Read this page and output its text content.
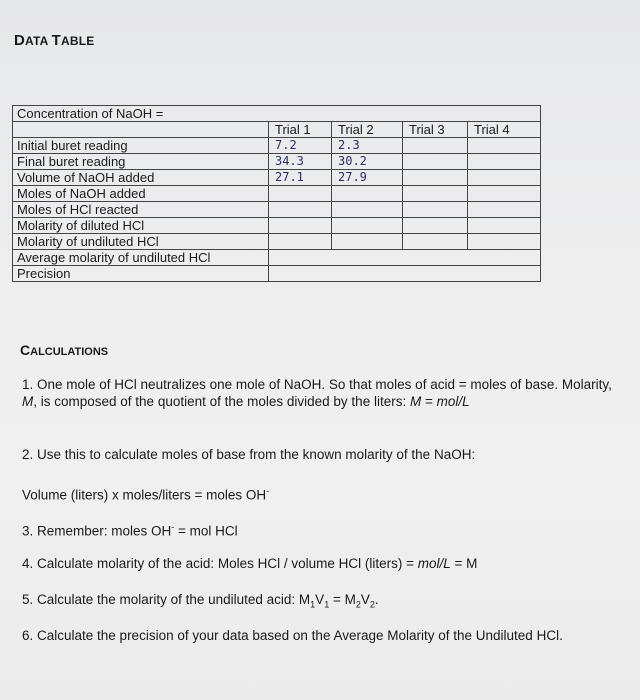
DATA TABLE
Concentration of NaOH =				
	Trial 1	Trial 2	Trial 3	Trial 4
Initial buret reading	7.2	2.3		
Final buret reading	34.3	30.2		
Volume of NaOH added	27.1	27.9		
Moles of NaOH added				
Moles of HCl reacted				
Molarity of diluted HCl				
Molarity of undiluted HCl				
Average molarity of undiluted HCl				
Precision				
CALCULATIONS
1. One mole of HCl neutralizes one mole of NaOH. So that moles of acid = moles of base. Molarity, M, is composed of the quotient of the moles divided by the liters: M = mol/L
2. Use this to calculate moles of base from the known molarity of the NaOH:
Volume (liters) x moles/liters = moles OH-
3. Remember: moles OH- = mol HCl
4. Calculate molarity of the acid: Moles HCl / volume HCl (liters) = mol/L = M
5. Calculate the molarity of the undiluted acid: $M_1V_1 = M_2V_2$.
6. Calculate the precision of your data based on the Average Molarity of the Undiluted HCl.
